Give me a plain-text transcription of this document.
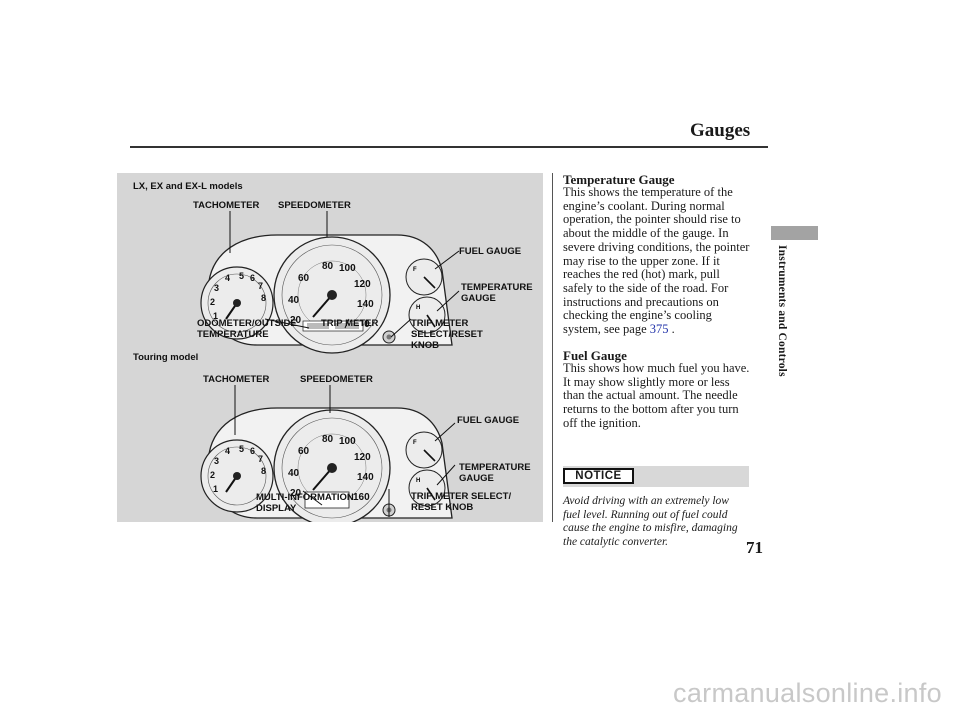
Gauges
Instruments and Controls
LX, EX and EX-L models
TACHOMETER SPEEDOMETER
FUEL GAUGE
TEMPERATURE
GAUGE
ODOMETER/OUTSIDE
TEMPERATURE
TRIP METER	TRIP METER
SELECT/RESET
KNOB
Touring model
TACHOMETER	SPEEDOMETER
FUEL GAUGE
TEMPERATURE
GAUGE
MULTI-INFORMATION
DISPLAY
TRIP METER SELECT/
RESET KNOB
Temperature Gauge
This shows the temperature of the
engine’s coolant. During normal
operation, the pointer should rise to
about the middle of the gauge. In
severe driving conditions, the pointer
may rise to the upper zone. If it
reaches the red (hot) mark, pull
safely to the side of the road. For
instructions and precautions on
checking the engine’s cooling
system, see page 375 .
Fuel Gauge
This shows how much fuel you have.
It may show slightly more or less
than the actual amount. The needle
returns to the bottom after you turn
off the ignition.
NOTICE
Avoid driving with an extremely low
fuel level. Running out of fuel could
cause the engine to misfire, damaging
the catalytic converter.	71
carmanualsonline.info
